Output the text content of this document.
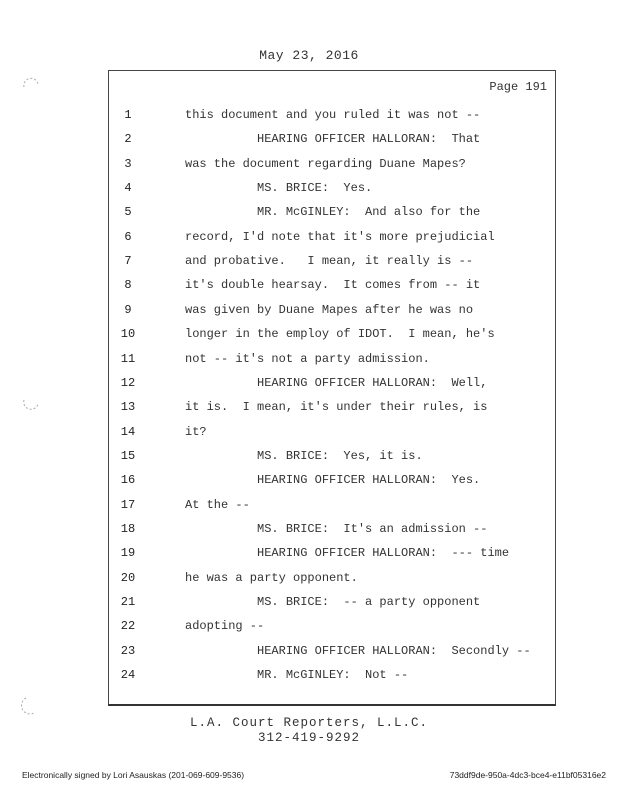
May 23, 2016
Page 191
1	this document and you ruled it was not --
2	HEARING OFFICER HALLORAN:  That
3	was the document regarding Duane Mapes?
4	MS. BRICE:  Yes.
5	MR. McGINLEY:  And also for the
6	record, I'd note that it's more prejudicial
7	and probative.   I mean, it really is --
8	it's double hearsay.  It comes from -- it
9	was given by Duane Mapes after he was no
10	longer in the employ of IDOT.  I mean, he's
11	not -- it's not a party admission.
12	HEARING OFFICER HALLORAN:  Well,
13	it is.  I mean, it's under their rules, is
14	it?
15	MS. BRICE:  Yes, it is.
16	HEARING OFFICER HALLORAN:  Yes.
17	At the --
18	MS. BRICE:  It's an admission --
19	HEARING OFFICER HALLORAN:  --- time
20	he was a party opponent.
21	MS. BRICE:  -- a party opponent
22	adopting --
23	HEARING OFFICER HALLORAN:  Secondly --
24	MR. McGINLEY:  Not --
L.A. Court Reporters, L.L.C.
312-419-9292
Electronically signed by Lori Asauskas (201-069-609-9536)	73ddf9de-950a-4dc3-bce4-e11bf05316e2
